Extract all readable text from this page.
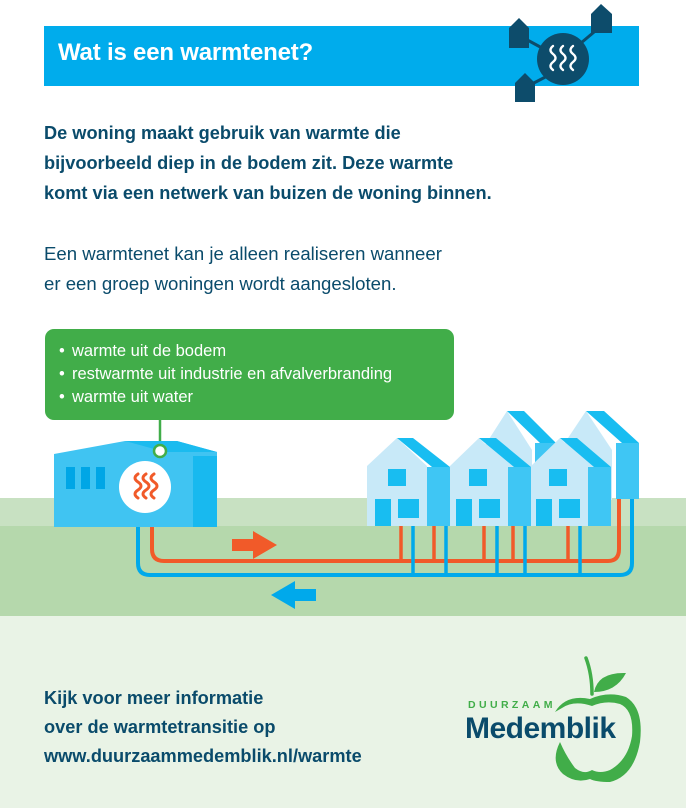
Wat is een warmtenet?
De woning maakt gebruik van warmte die
bijvoorbeeld diep in de bodem zit. Deze warmte
komt via een netwerk van buizen de woning binnen.
Een warmtenet kan je alleen realiseren wanneer
er een groep woningen wordt aangesloten.
• warmte uit de bodem
• restwarmte uit industrie en afvalverbranding
• warmte uit water
Kijk voor meer informatie
over de warmtetransitie op
www.duurzaammedemblik.nl/warmte
DUURZAAM
Medemblik
